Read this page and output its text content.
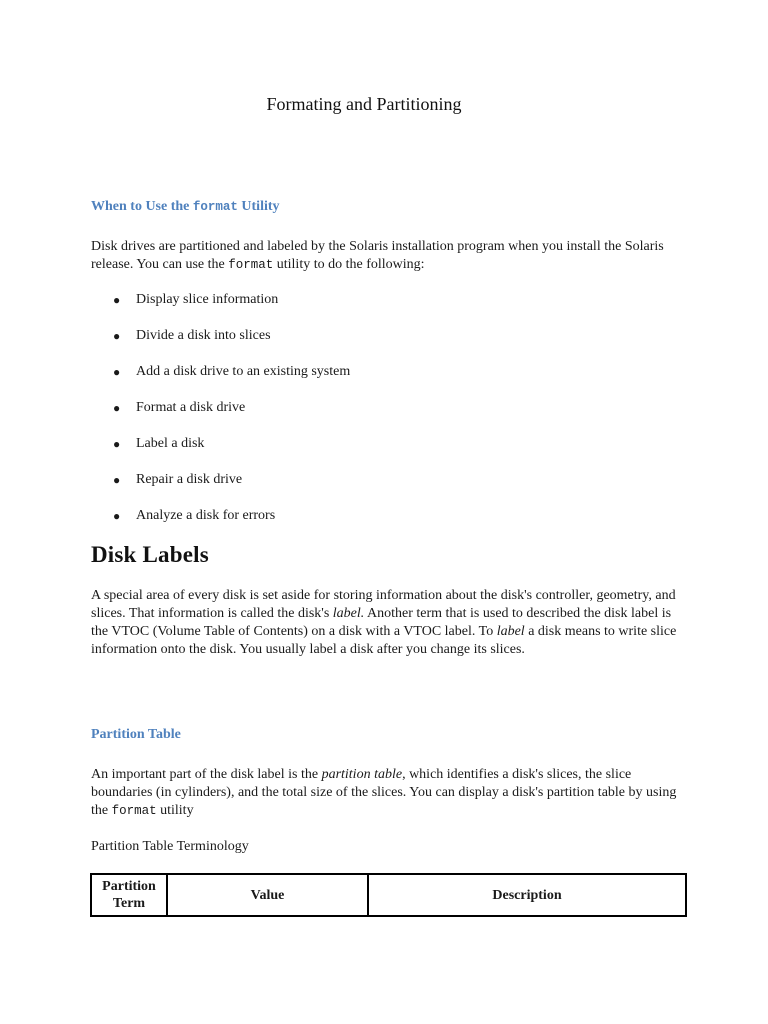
Formating and Partitioning
When to Use the format Utility
Disk drives are partitioned and labeled by the Solaris installation program when you install the Solaris release. You can use the format utility to do the following:
● Display slice information
● Divide a disk into slices
● Add a disk drive to an existing system
● Format a disk drive
● Label a disk
● Repair a disk drive
● Analyze a disk for errors
Disk Labels
A special area of every disk is set aside for storing information about the disk's controller, geometry, and slices. That information is called the disk's label. Another term that is used to described the disk label is the VTOC (Volume Table of Contents) on a disk with a VTOC label. To label a disk means to write slice information onto the disk. You usually label a disk after you change its slices.
Partition Table
An important part of the disk label is the partition table, which identifies a disk's slices, the slice boundaries (in cylinders), and the total size of the slices. You can display a disk's partition table by using the format utility
Partition Table Terminology
Partition Term	Value	Description
